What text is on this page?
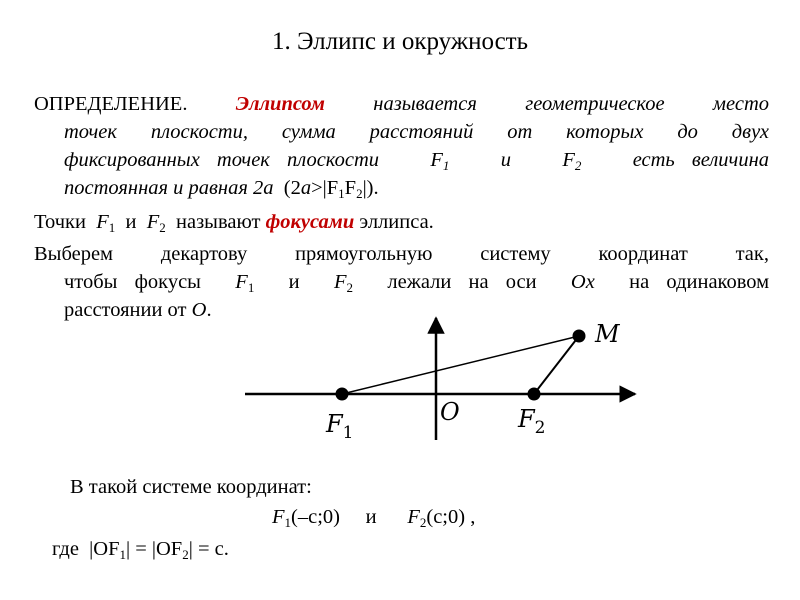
1. Эллипс и окружность
ОПРЕДЕЛЕНИЕ. Эллипсом называется геометрическое место
точек плоскости, сумма расстояний от которых до двух
фиксированных точек плоскости	$F_1$	и	$F_2$	есть величина
постоянная и равная 2a $(2a>|F_1F_2|)$.
Точки $F_1$ и $F_2$ называют фокусами эллипса.
Выберем декартову прямоугольную систему координат так,
чтобы фокусы $F_1$ и $F_2$ лежали на оси Ox на одинаковом
расстоянии от O.
M
O
$F_1$	$F_2$
В такой системе координат:
$F_1(-c;0)$ и $F_2(c;0)$ ,
где  $|OF_1| = |OF_2| = c$.
